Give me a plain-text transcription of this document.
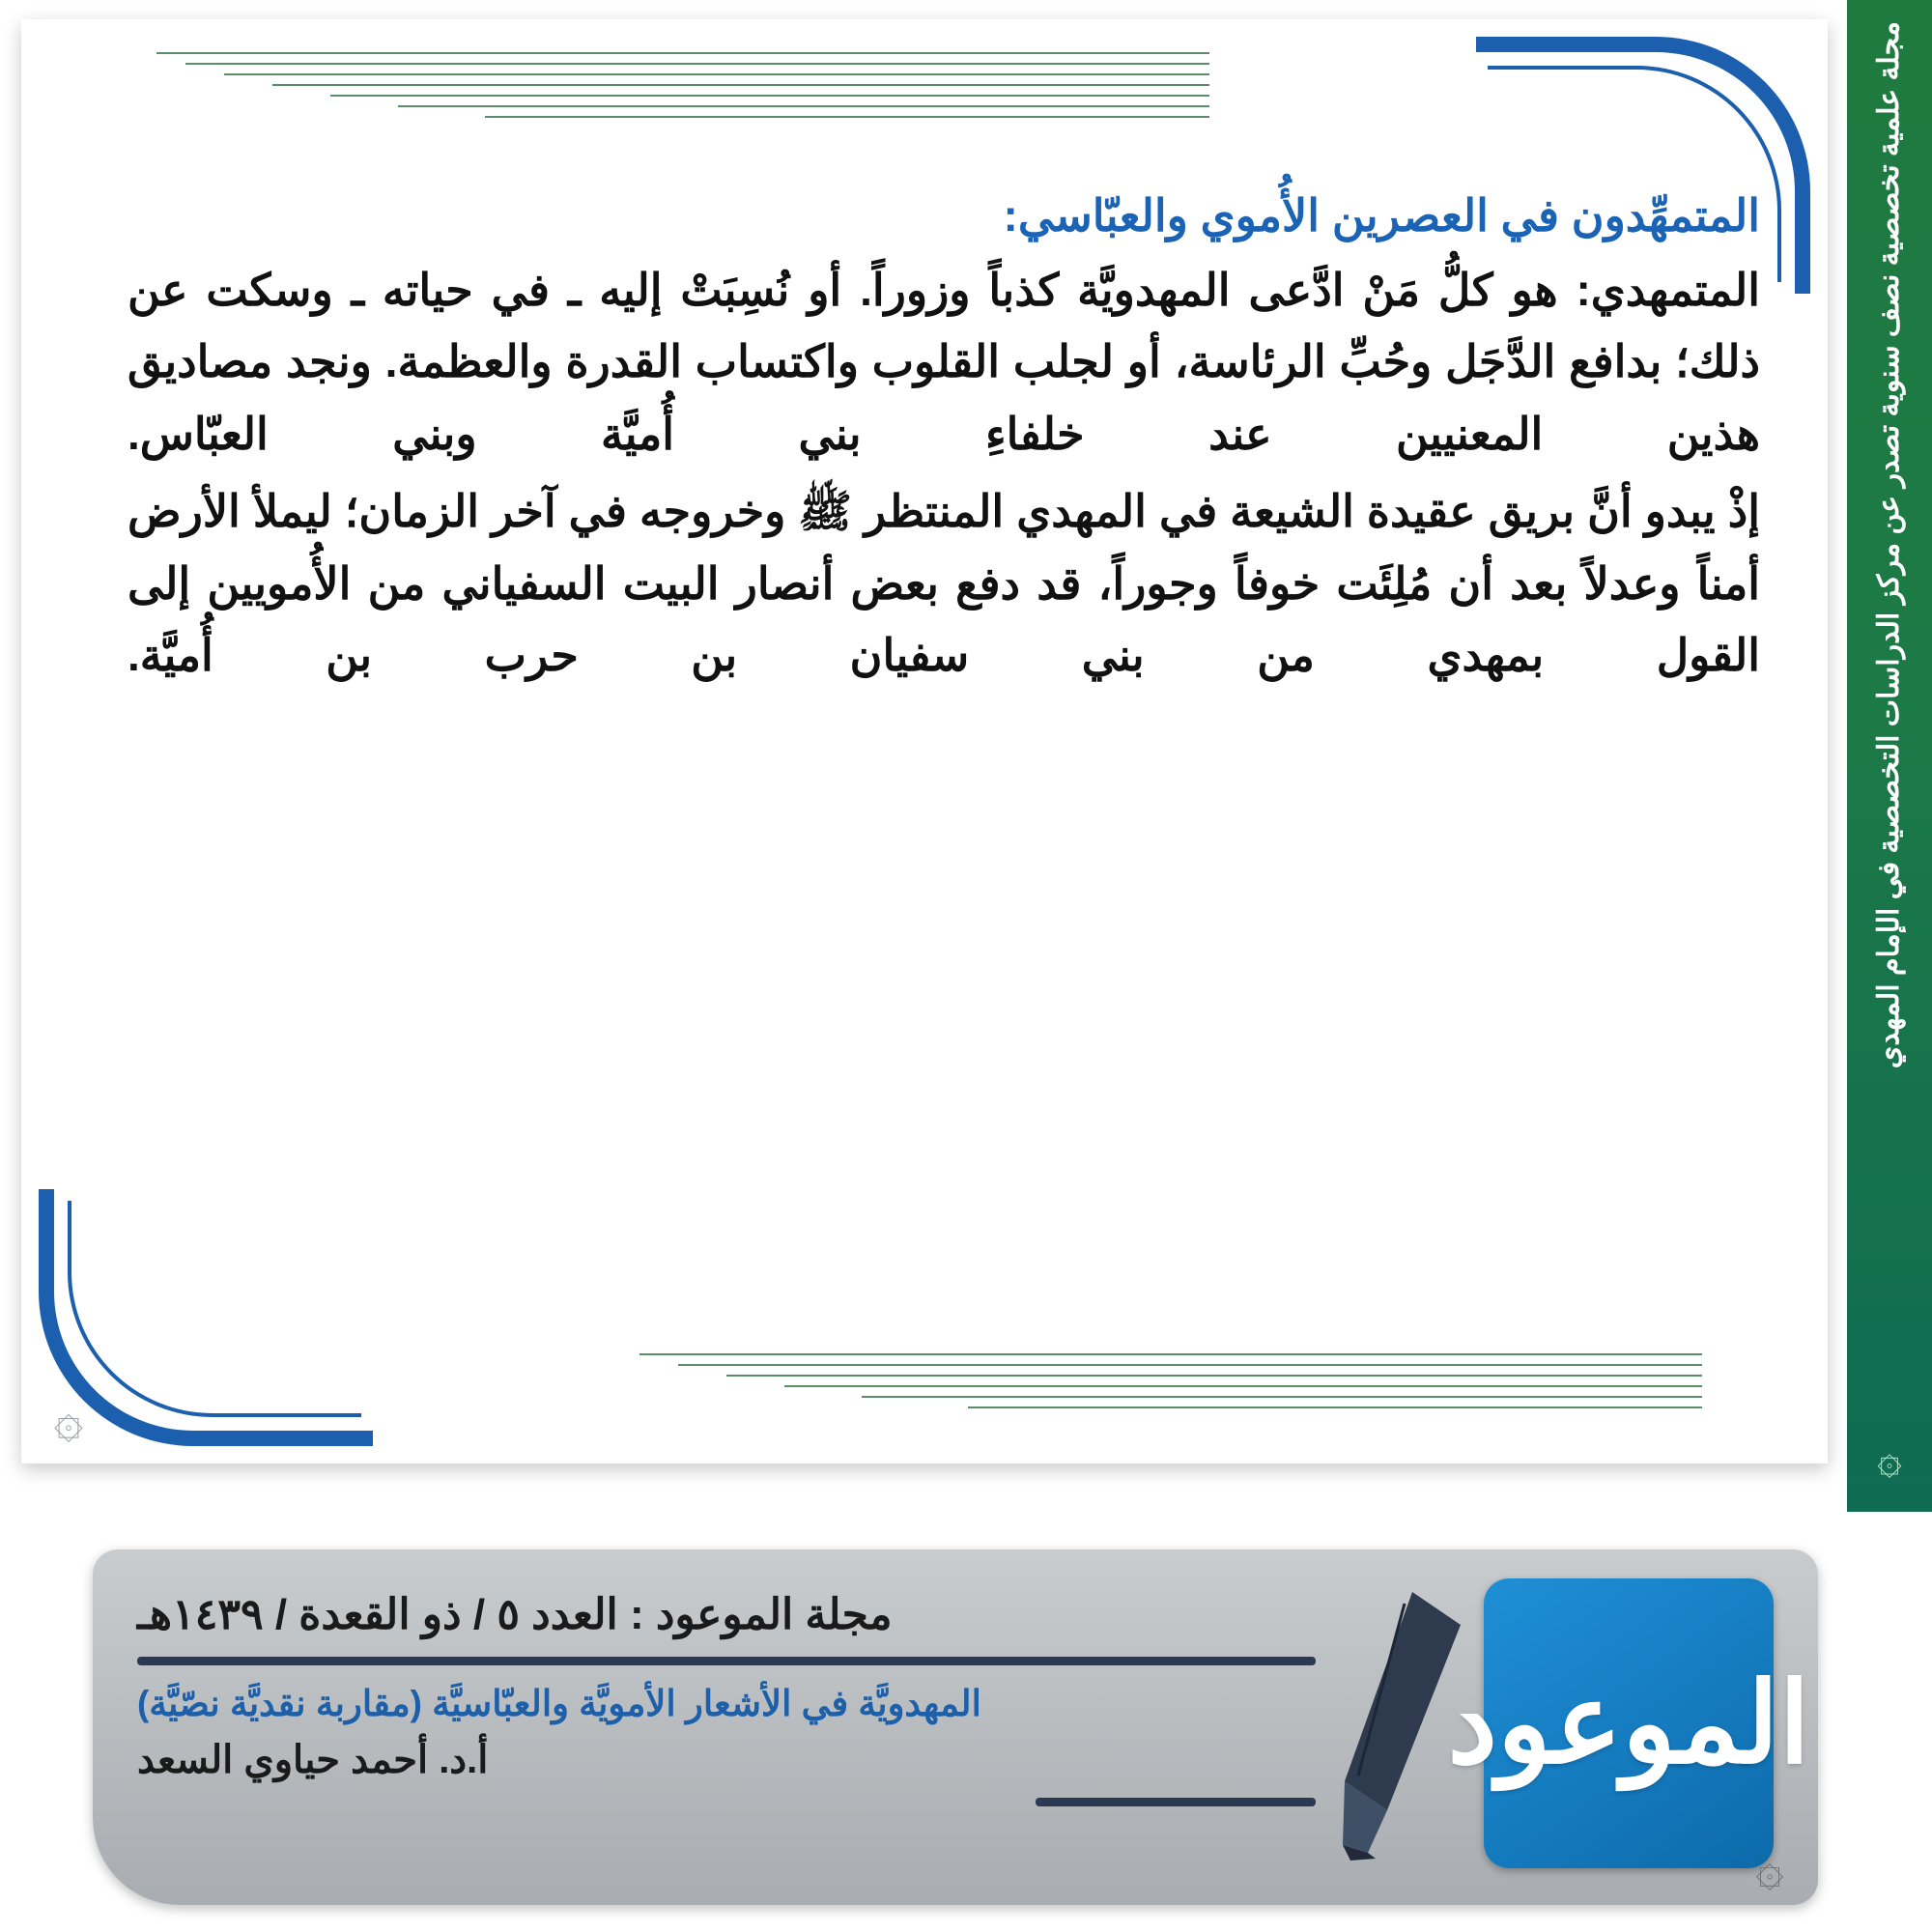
مجلة علمية تخصصية نصف سنوية تصدر عن مركز الدراسات التخصصية في الإمام المهدي
۞
المتمهِّدون في العصرين الأُموي والعبّاسي:

المتمهدي: هو كلُّ مَنْ ادَّعى المهدويَّة كذباً وزوراً. أو نُسِبَتْ إليه ـ في حياته ـ وسكت عن ذلك؛ بدافع الدَّجَل وحُبِّ الرئاسة، أو لجلب القلوب واكتساب القدرة والعظمة. ونجد مصاديق هذين المعنيين عند خلفاءِ بني أُميَّة وبني العبّاس.

إذْ يبدو أنَّ بريق عقيدة الشيعة في المهدي المنتظر ﷺ وخروجه في آخر الزمان؛ ليملأ الأرض أمناً وعدلاً بعد أن مُلِئَت خوفاً وجوراً، قد دفع بعض أنصار البيت السفياني من الأُمويين إلى القول بمهدي من بني سفيان بن حرب بن أُميَّة.

۞
الموعود

مجلة الموعود : العدد ٥ / ذو القعدة / ١٤٣٩هـ

المهدويَّة في الأشعار الأمويَّة والعبّاسيَّة (مقاربة نقديَّة نصّيَّة)

أ.د. أحمد حياوي السعد

۞
